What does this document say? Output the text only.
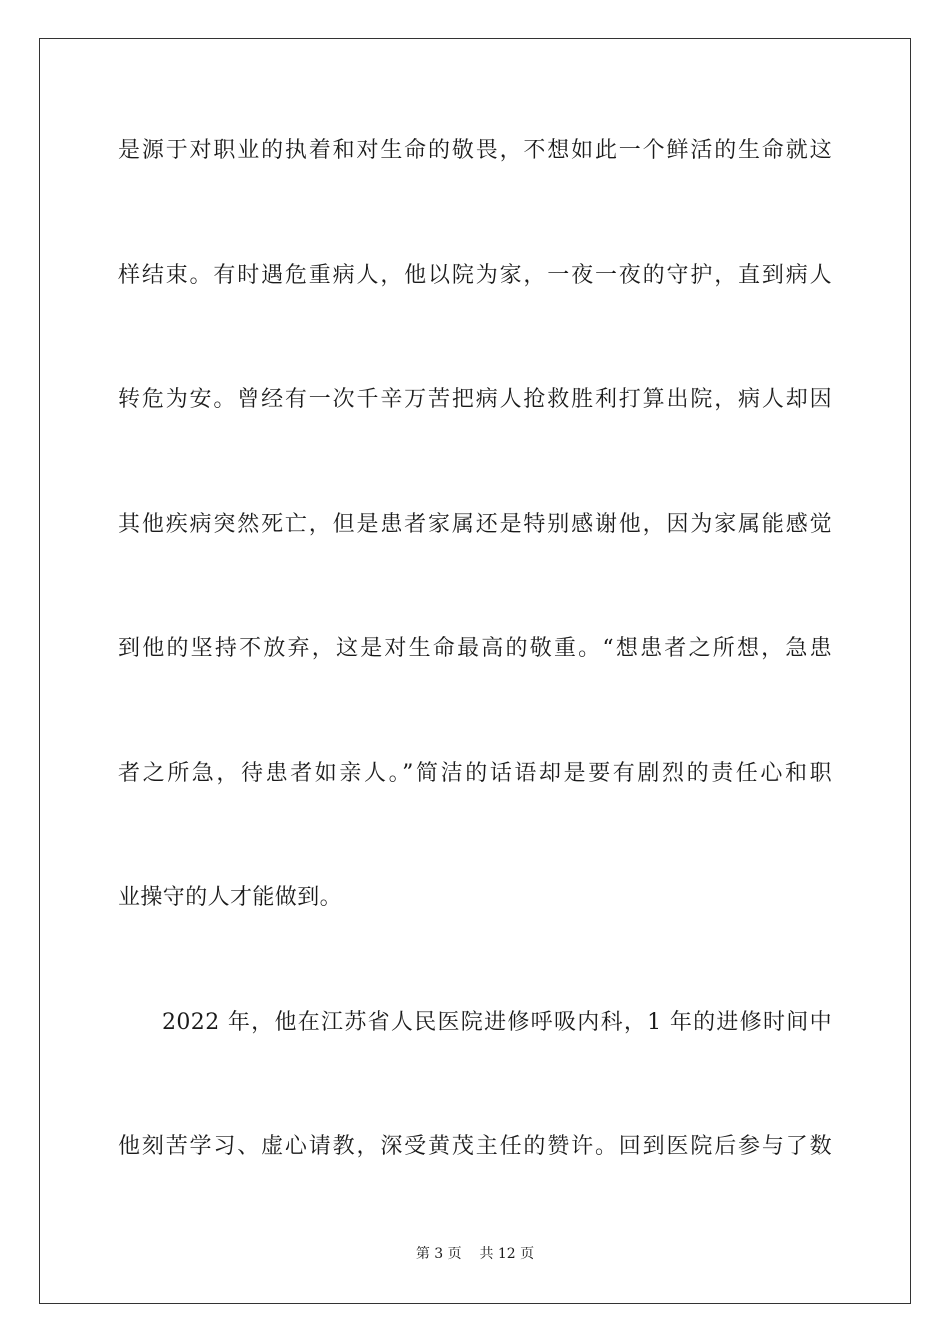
是源于对职业的执着和对生命的敬畏，不想如此一个鲜活的生命就这
样结束。有时遇危重病人，他以院为家，一夜一夜的守护，直到病人
转危为安。曾经有一次千辛万苦把病人抢救胜利打算出院，病人却因
其他疾病突然死亡，但是患者家属还是特别感谢他，因为家属能感觉
到他的坚持不放弃，这是对生命最高的敬重。“想患者之所想，急患
者之所急，待患者如亲人。”简洁的话语却是要有剧烈的责任心和职
业操守的人才能做到。
2022 年，他在江苏省人民医院进修呼吸内科，1 年的进修时间中
他刻苦学习、虚心请教，深受黄茂主任的赞许。回到医院后参与了数
第 3 页 共 12 页
